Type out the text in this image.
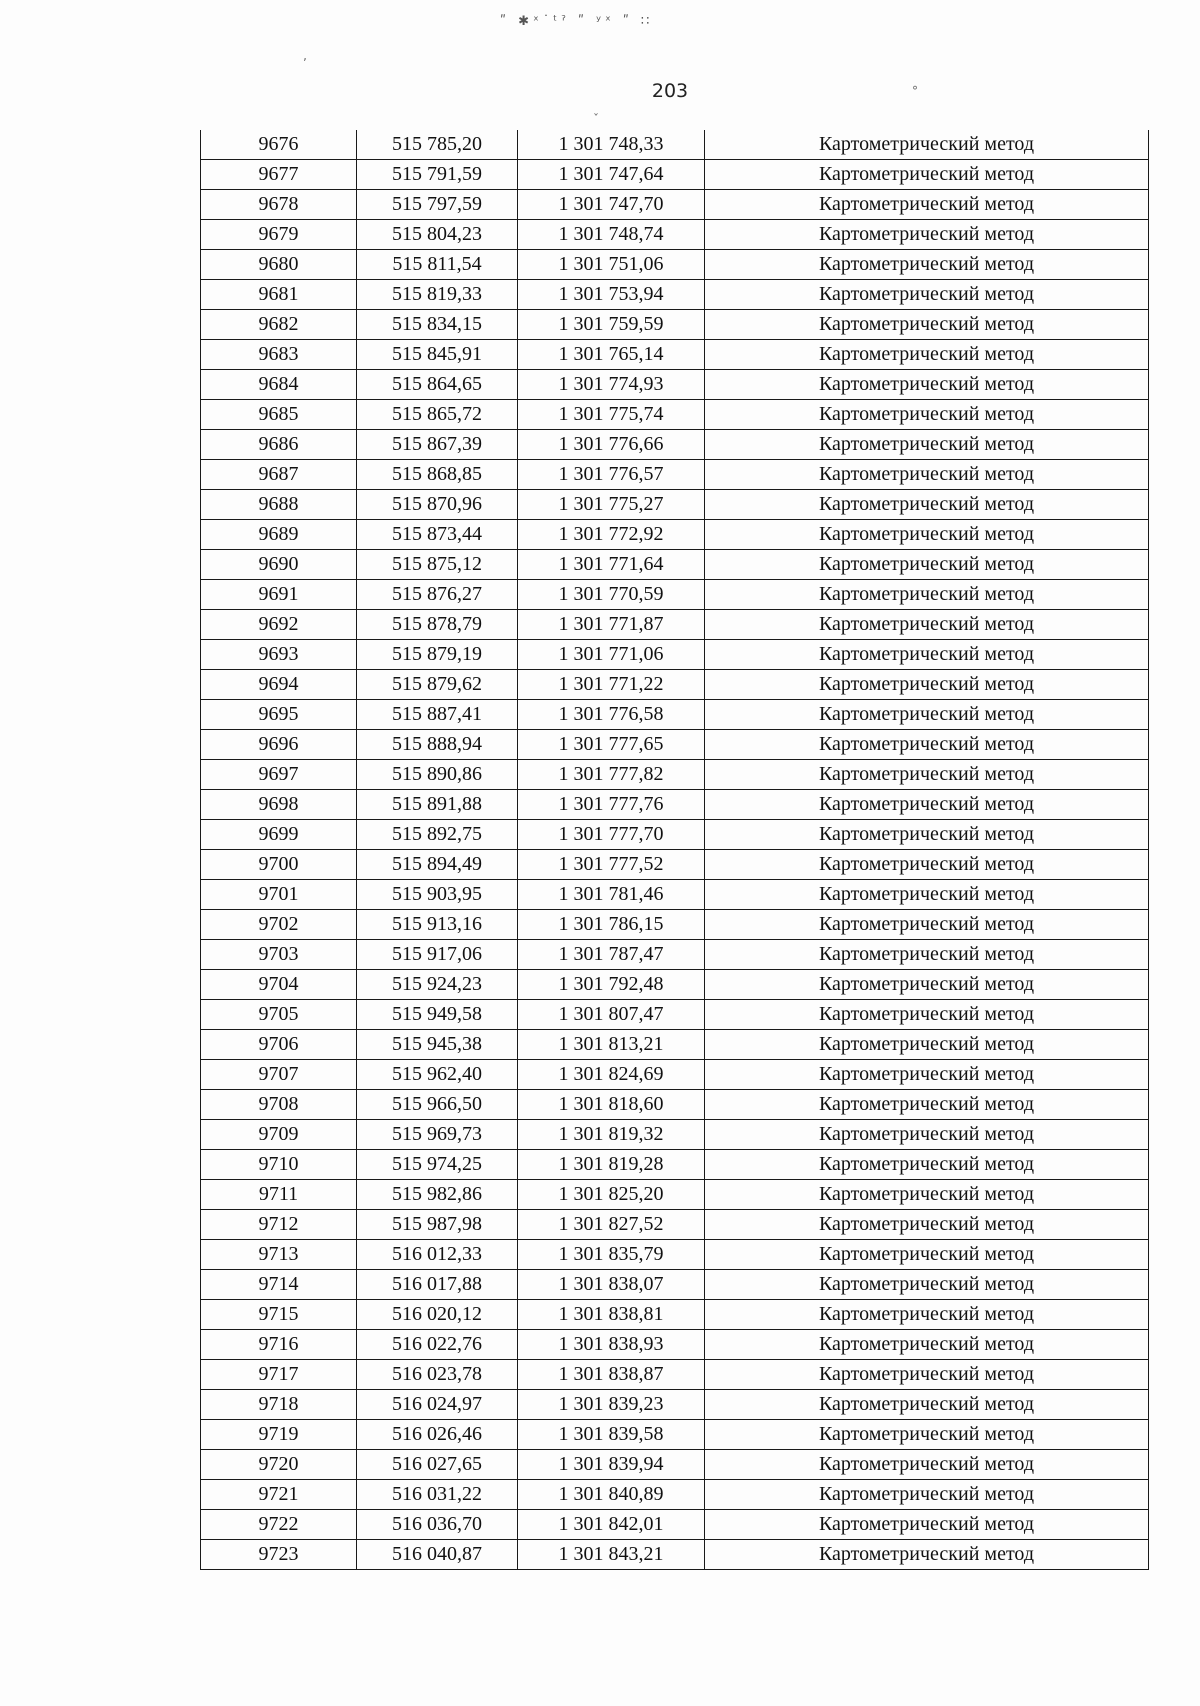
ʺ ✱ˣ˙ᵗˀ ʺ ʸˣ ʺ ∷
ʼ
ˇ
°
203
9676	515 785,20	1 301 748,33	Картометрический метод
9677	515 791,59	1 301 747,64	Картометрический метод
9678	515 797,59	1 301 747,70	Картометрический метод
9679	515 804,23	1 301 748,74	Картометрический метод
9680	515 811,54	1 301 751,06	Картометрический метод
9681	515 819,33	1 301 753,94	Картометрический метод
9682	515 834,15	1 301 759,59	Картометрический метод
9683	515 845,91	1 301 765,14	Картометрический метод
9684	515 864,65	1 301 774,93	Картометрический метод
9685	515 865,72	1 301 775,74	Картометрический метод
9686	515 867,39	1 301 776,66	Картометрический метод
9687	515 868,85	1 301 776,57	Картометрический метод
9688	515 870,96	1 301 775,27	Картометрический метод
9689	515 873,44	1 301 772,92	Картометрический метод
9690	515 875,12	1 301 771,64	Картометрический метод
9691	515 876,27	1 301 770,59	Картометрический метод
9692	515 878,79	1 301 771,87	Картометрический метод
9693	515 879,19	1 301 771,06	Картометрический метод
9694	515 879,62	1 301 771,22	Картометрический метод
9695	515 887,41	1 301 776,58	Картометрический метод
9696	515 888,94	1 301 777,65	Картометрический метод
9697	515 890,86	1 301 777,82	Картометрический метод
9698	515 891,88	1 301 777,76	Картометрический метод
9699	515 892,75	1 301 777,70	Картометрический метод
9700	515 894,49	1 301 777,52	Картометрический метод
9701	515 903,95	1 301 781,46	Картометрический метод
9702	515 913,16	1 301 786,15	Картометрический метод
9703	515 917,06	1 301 787,47	Картометрический метод
9704	515 924,23	1 301 792,48	Картометрический метод
9705	515 949,58	1 301 807,47	Картометрический метод
9706	515 945,38	1 301 813,21	Картометрический метод
9707	515 962,40	1 301 824,69	Картометрический метод
9708	515 966,50	1 301 818,60	Картометрический метод
9709	515 969,73	1 301 819,32	Картометрический метод
9710	515 974,25	1 301 819,28	Картометрический метод
9711	515 982,86	1 301 825,20	Картометрический метод
9712	515 987,98	1 301 827,52	Картометрический метод
9713	516 012,33	1 301 835,79	Картометрический метод
9714	516 017,88	1 301 838,07	Картометрический метод
9715	516 020,12	1 301 838,81	Картометрический метод
9716	516 022,76	1 301 838,93	Картометрический метод
9717	516 023,78	1 301 838,87	Картометрический метод
9718	516 024,97	1 301 839,23	Картометрический метод
9719	516 026,46	1 301 839,58	Картометрический метод
9720	516 027,65	1 301 839,94	Картометрический метод
9721	516 031,22	1 301 840,89	Картометрический метод
9722	516 036,70	1 301 842,01	Картометрический метод
9723	516 040,87	1 301 843,21	Картометрический метод
